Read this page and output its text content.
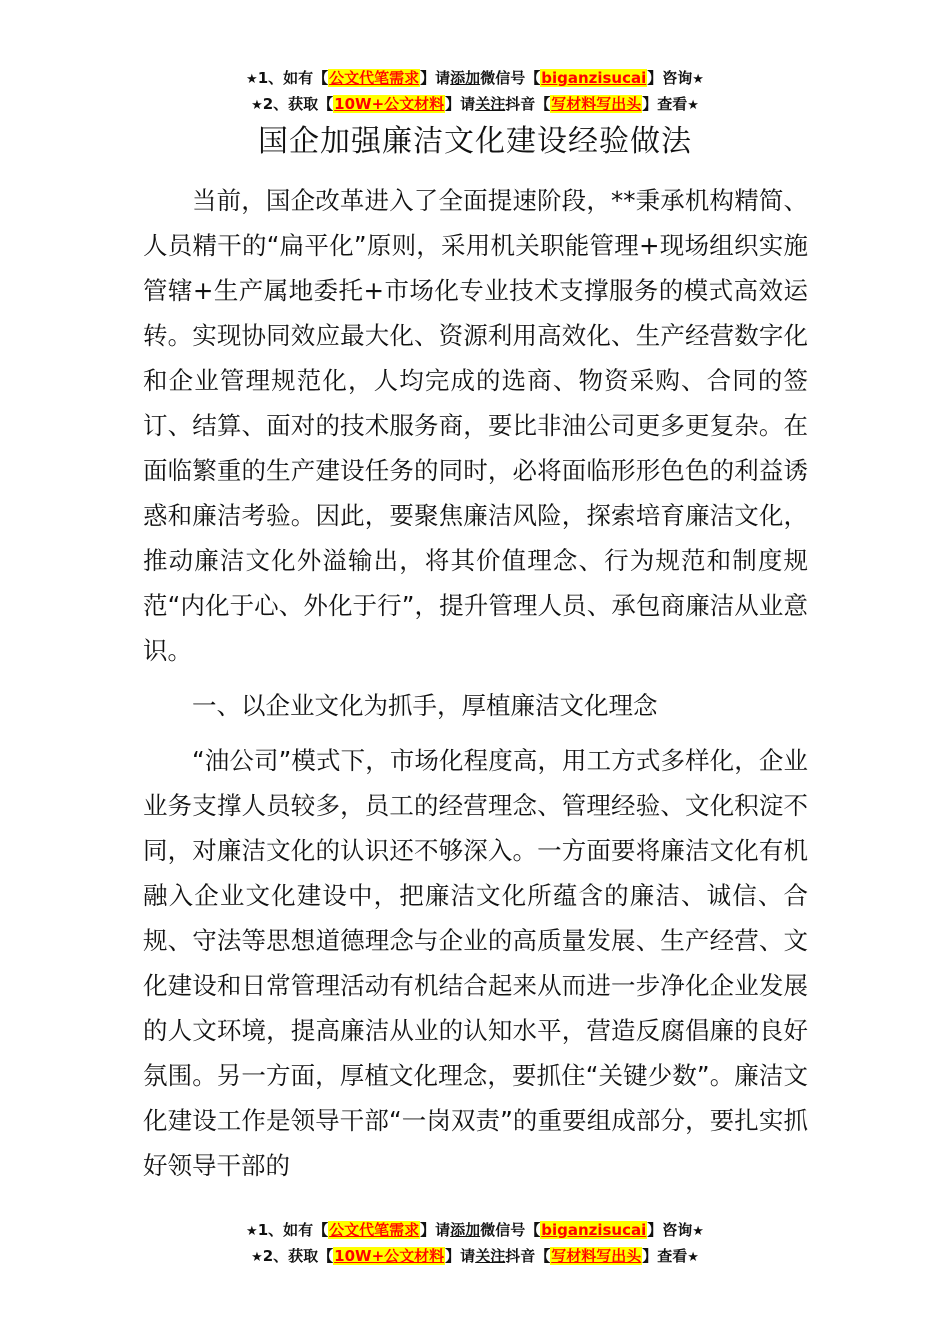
★1、如有【公文代笔需求】请添加微信号【biganzisucai】咨询★
★2、获取【10W+公文材料】请关注抖音【写材料写出头】查看★
国企加强廉洁文化建设经验做法

当前，国企改革进入了全面提速阶段，**秉承机构精简、人员精干的“扁平化”原则，采用机关职能管理+现场组织实施管辖+生产属地委托+市场化专业技术支撑服务的模式高效运转。实现协同效应最大化、资源利用高效化、生产经营数字化和企业管理规范化，人均完成的选商、物资采购、合同的签订、结算、面对的技术服务商，要比非油公司更多更复杂。在面临繁重的生产建设任务的同时，必将面临形形色色的利益诱惑和廉洁考验。因此，要聚焦廉洁风险，探索培育廉洁文化，推动廉洁文化外溢输出，将其价值理念、行为规范和制度规范“内化于心、外化于行”，提升管理人员、承包商廉洁从业意识。

一、以企业文化为抓手，厚植廉洁文化理念

“油公司”模式下，市场化程度高，用工方式多样化，企业业务支撑人员较多，员工的经营理念、管理经验、文化积淀不同，对廉洁文化的认识还不够深入。一方面要将廉洁文化有机融入企业文化建设中，把廉洁文化所蕴含的廉洁、诚信、合规、守法等思想道德理念与企业的高质量发展、生产经营、文化建设和日常管理活动有机结合起来从而进一步净化企业发展的人文环境，提高廉洁从业的认知水平，营造反腐倡廉的良好氛围。另一方面，厚植文化理念，要抓住“关键少数”。廉洁文化建设工作是领导干部“一岗双责”的重要组成部分，要扎实抓好领导干部的

★1、如有【公文代笔需求】请添加微信号【biganzisucai】咨询★
★2、获取【10W+公文材料】请关注抖音【写材料写出头】查看★
